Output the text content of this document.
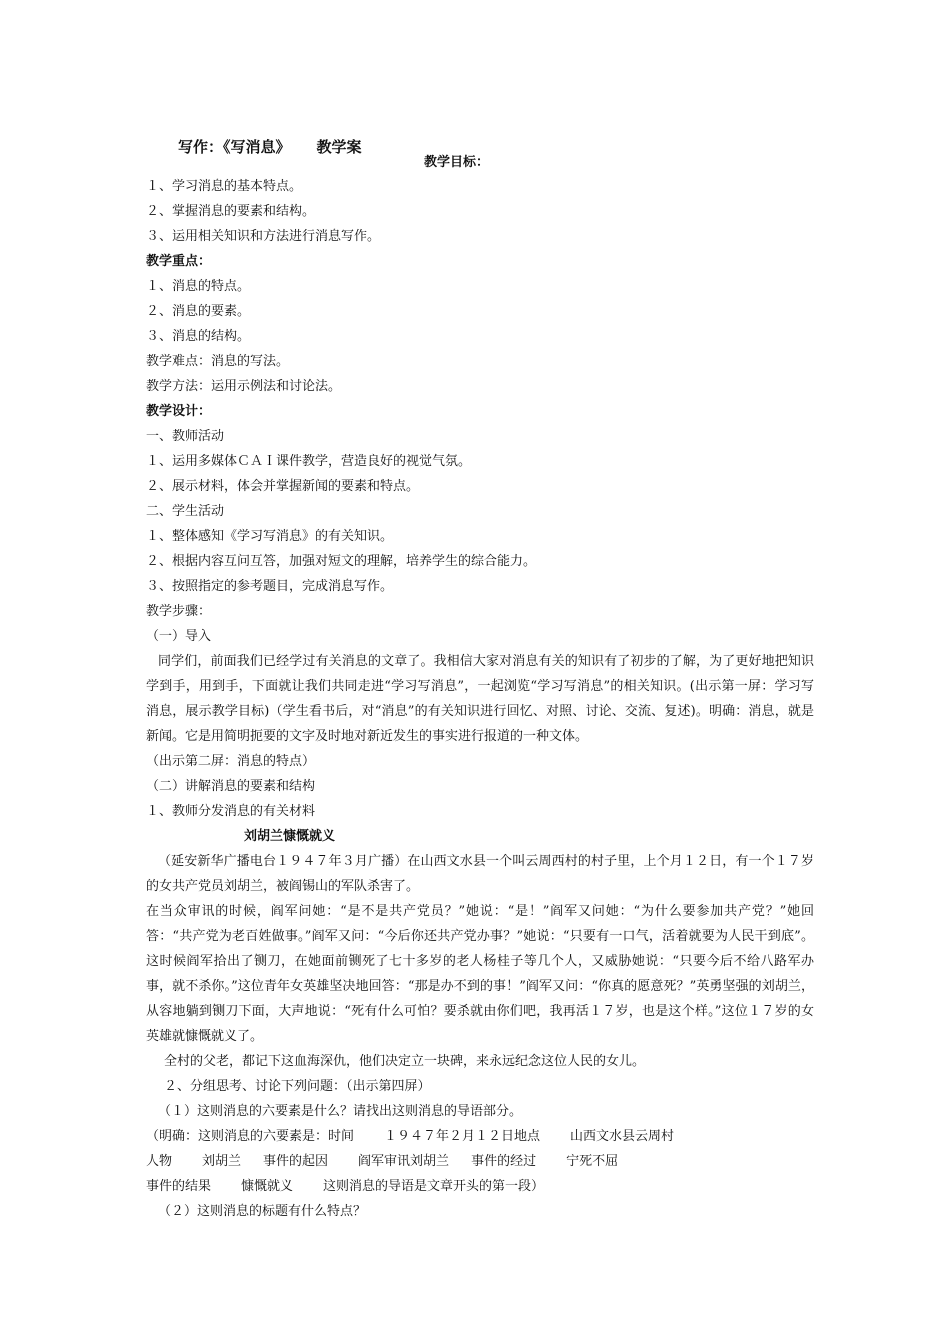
写作：《写消息》 教学案
教学目标：
１、学习消息的基本特点。
２、掌握消息的要素和结构。
３、运用相关知识和方法进行消息写作。
教学重点：
１、消息的特点。
２、消息的要素。
３、消息的结构。
教学难点：消息的写法。
教学方法：运用示例法和讨论法。
教学设计：
一、教师活动
１、运用多媒体ＣＡＩ课件教学，营造良好的视觉气氛。
２、展示材料，体会并掌握新闻的要素和特点。
二、学生活动
１、整体感知《学习写消息》的有关知识。
２、根据内容互问互答，加强对短文的理解，培养学生的综合能力。
３、按照指定的参考题目，完成消息写作。
教学步骤：
（一）导入
同学们，前面我们已经学过有关消息的文章了。我相信大家对消息有关的知识有了初步的了解，为了更好地把知识学到手，用到手，下面就让我们共同走进“学习写消息”，一起浏览“学习写消息”的相关知识。(出示第一屏：学习写消息，展示教学目标)（学生看书后，对“消息”的有关知识进行回忆、对照、讨论、交流、复述)。明确：消息，就是新闻。它是用简明扼要的文字及时地对新近发生的事实进行报道的一种文体。
（出示第二屏：消息的特点）
（二）讲解消息的要素和结构
１、教师分发消息的有关材料
刘胡兰慷慨就义
（延安新华广播电台１９４７年３月广播）在山西文水县一个叫云周西村的村子里，上个月１２日，有一个１７岁的女共产党员刘胡兰，被阎锡山的军队杀害了。
在当众审讯的时候，阎军问她：“是不是共产党员？”她说：“是！”阎军又问她：“为什么要参加共产党？”她回答：“共产党为老百姓做事。”阎军又问：“今后你还共产党办事？”她说：“只要有一口气，活着就要为人民干到底”。这时候阎军拾出了铡刀，在她面前铡死了七十多岁的老人杨桂子等几个人，又威胁她说：“只要今后不给八路军办事，就不杀你。”这位青年女英雄坚决地回答：“那是办不到的事！”阎军又问：“你真的愿意死？”英勇坚强的刘胡兰，从容地躺到铡刀下面，大声地说：“死有什么可怕？要杀就由你们吧，我再活１７岁，也是这个样。”这位１７岁的女英雄就慷慨就义了。
全村的父老，都记下这血海深仇，他们决定立一块碑，来永远纪念这位人民的女儿。
２、分组思考、讨论下列问题：（出示第四屏）
（１）这则消息的六要素是什么？请找出这则消息的导语部分。
（明确：这则消息的六要素是：时间 １９４７年２月１２日地点 山西文水县云周村
人物 刘胡兰 事件的起因 阎军审讯刘胡兰 事件的经过 宁死不屈
事件的结果 慷慨就义 这则消息的导语是文章开头的第一段）
（２）这则消息的标题有什么特点？
